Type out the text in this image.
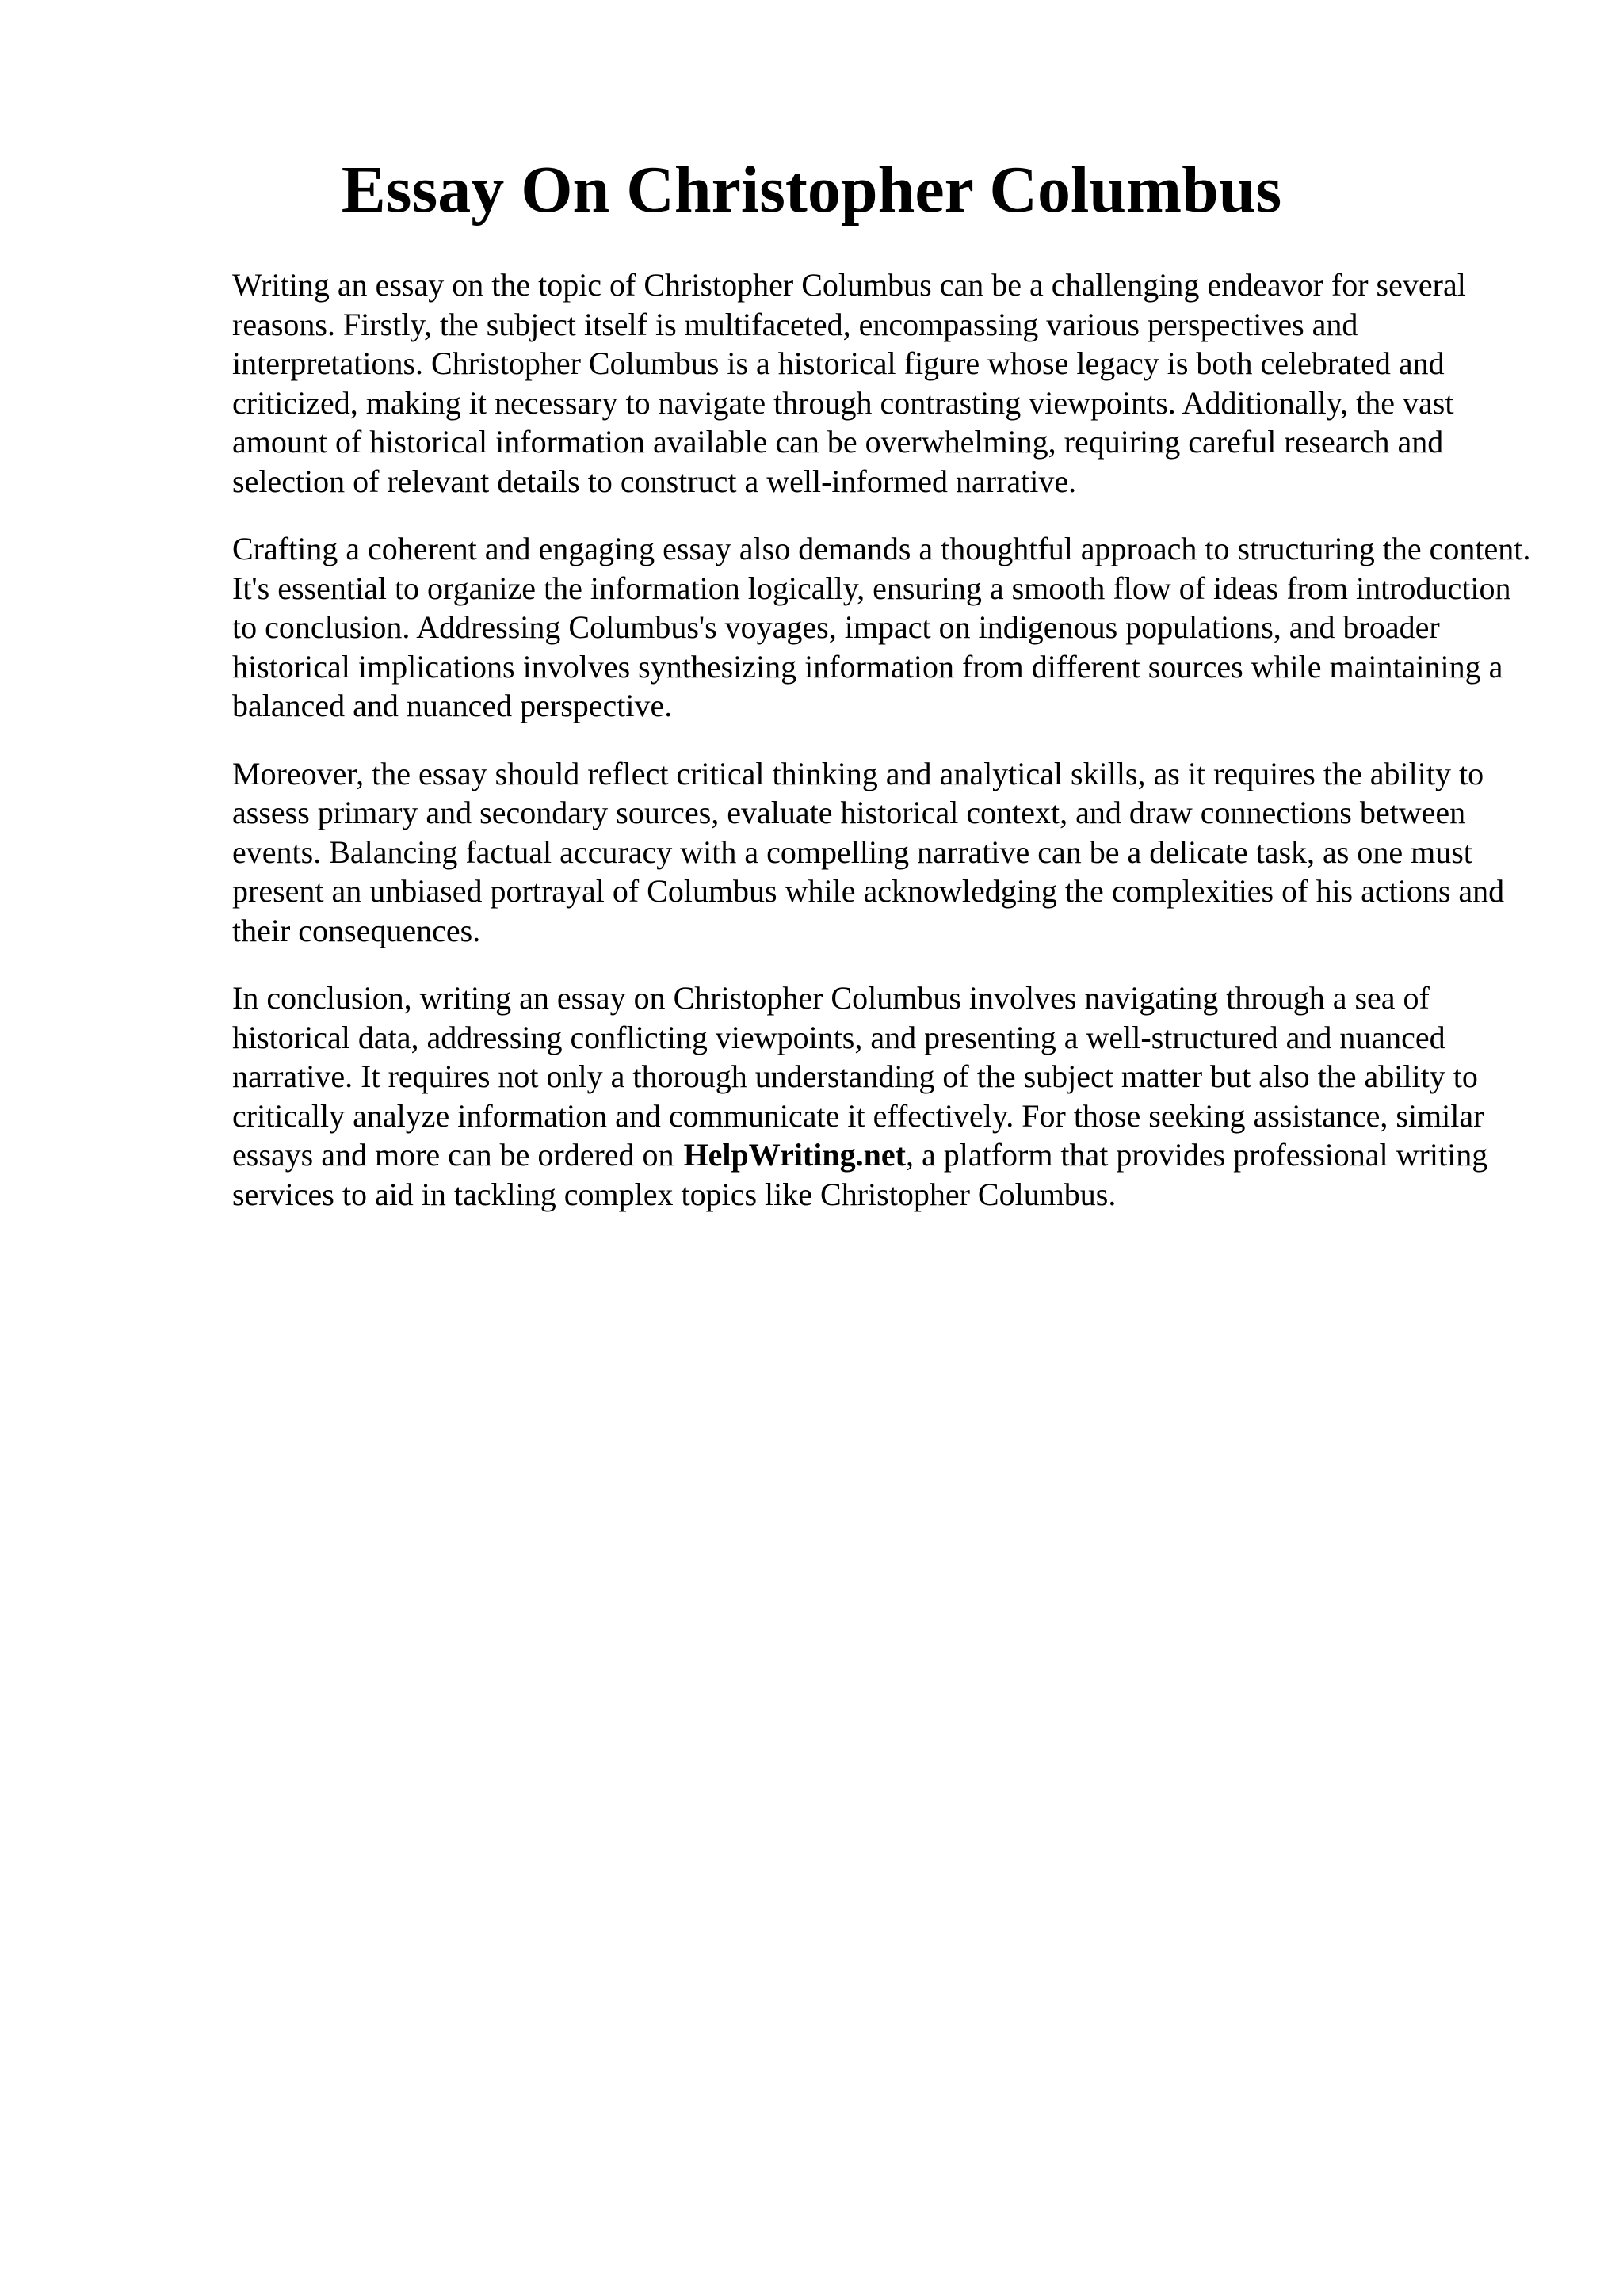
Essay On Christopher Columbus

Writing an essay on the topic of Christopher Columbus can be a challenging endeavor for several reasons. Firstly, the subject itself is multifaceted, encompassing various perspectives and interpretations. Christopher Columbus is a historical figure whose legacy is both celebrated and criticized, making it necessary to navigate through contrasting viewpoints. Additionally, the vast amount of historical information available can be overwhelming, requiring careful research and selection of relevant details to construct a well-informed narrative.

Crafting a coherent and engaging essay also demands a thoughtful approach to structuring the content. It's essential to organize the information logically, ensuring a smooth flow of ideas from introduction to conclusion. Addressing Columbus's voyages, impact on indigenous populations, and broader historical implications involves synthesizing information from different sources while maintaining a balanced and nuanced perspective.

Moreover, the essay should reflect critical thinking and analytical skills, as it requires the ability to assess primary and secondary sources, evaluate historical context, and draw connections between events. Balancing factual accuracy with a compelling narrative can be a delicate task, as one must present an unbiased portrayal of Columbus while acknowledging the complexities of his actions and their consequences.

In conclusion, writing an essay on Christopher Columbus involves navigating through a sea of historical data, addressing conflicting viewpoints, and presenting a well-structured and nuanced narrative. It requires not only a thorough understanding of the subject matter but also the ability to critically analyze information and communicate it effectively. For those seeking assistance, similar essays and more can be ordered on HelpWriting.net, a platform that provides professional writing services to aid in tackling complex topics like Christopher Columbus.
